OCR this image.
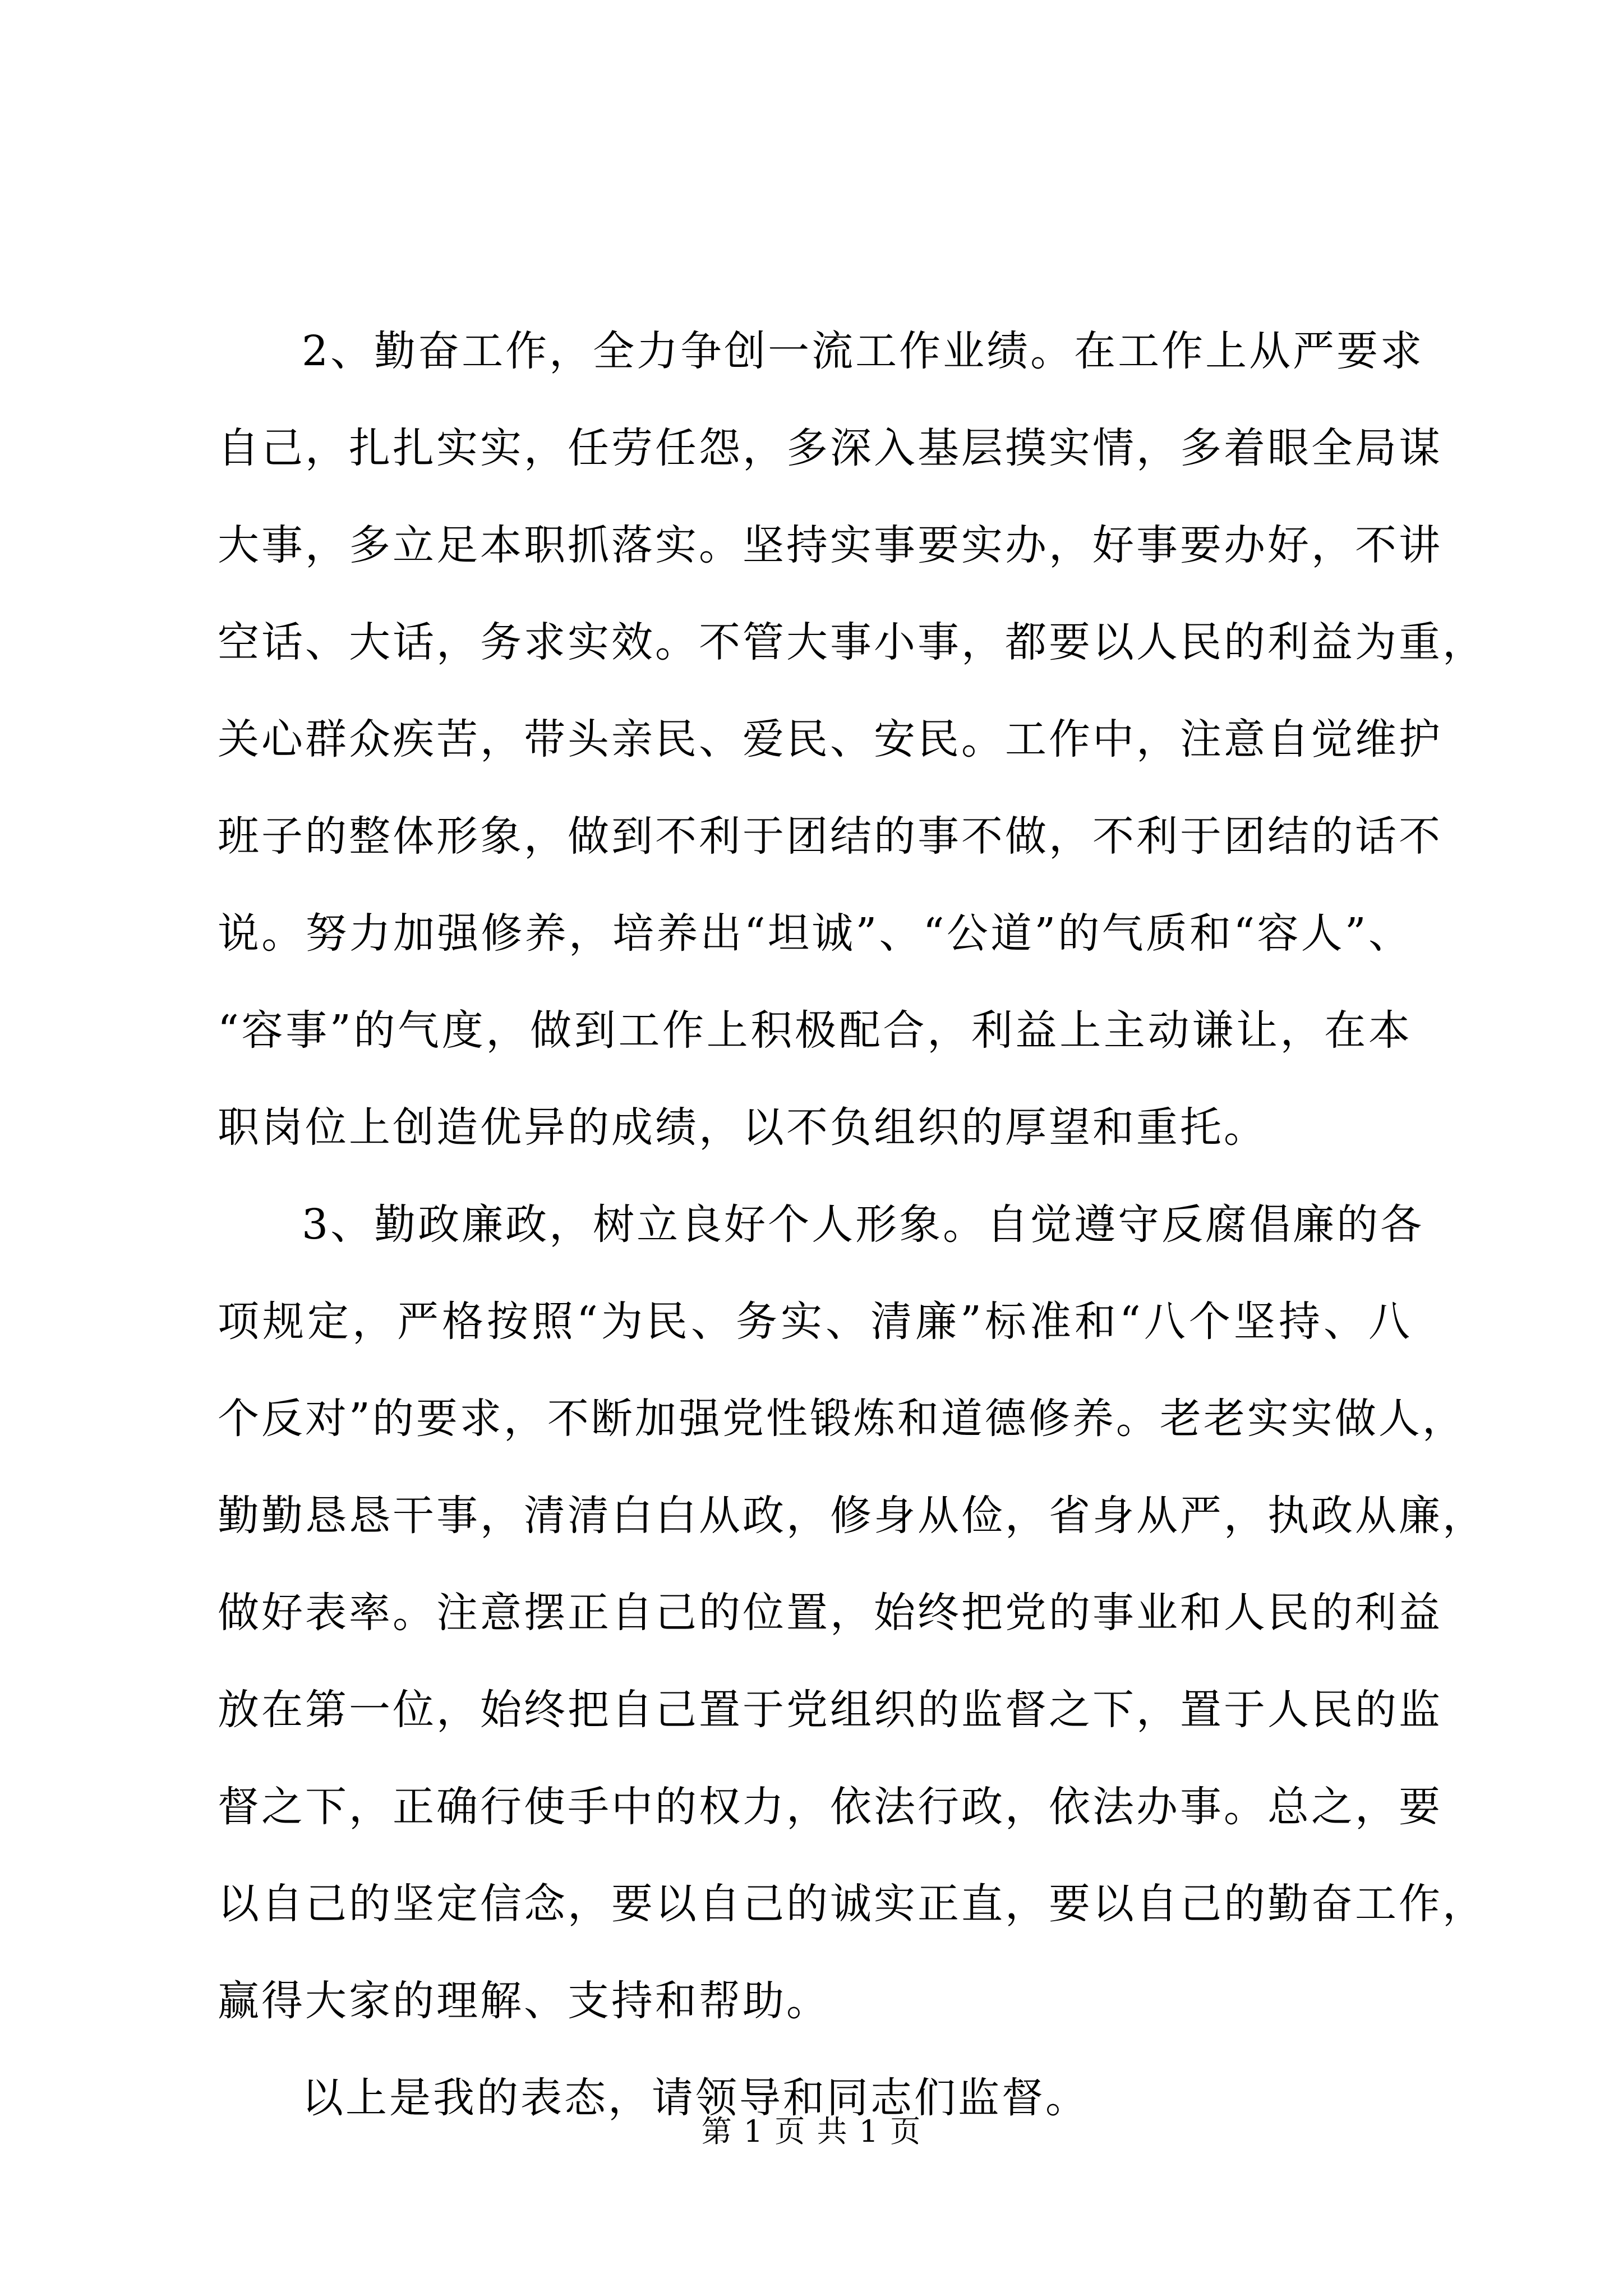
2、勤奋工作，全力争创一流工作业绩。在工作上从严要求
自己，扎扎实实，任劳任怨，多深入基层摸实情，多着眼全局谋
大事，多立足本职抓落实。坚持实事要实办，好事要办好，不讲
空话、大话，务求实效。不管大事小事，都要以人民的利益为重，
关心群众疾苦，带头亲民、爱民、安民。工作中，注意自觉维护
班子的整体形象，做到不利于团结的事不做，不利于团结的话不
说。努力加强修养，培养出“坦诚”、“公道”的气质和“容人”、
“容事”的气度，做到工作上积极配合，利益上主动谦让，在本
职岗位上创造优异的成绩，以不负组织的厚望和重托。
3、勤政廉政，树立良好个人形象。自觉遵守反腐倡廉的各
项规定，严格按照“为民、务实、清廉”标准和“八个坚持、八
个反对”的要求，不断加强党性锻炼和道德修养。老老实实做人，
勤勤恳恳干事，清清白白从政，修身从俭，省身从严，执政从廉，
做好表率。注意摆正自己的位置，始终把党的事业和人民的利益
放在第一位，始终把自己置于党组织的监督之下，置于人民的监
督之下，正确行使手中的权力，依法行政，依法办事。总之，要
以自己的坚定信念，要以自己的诚实正直，要以自己的勤奋工作，
赢得大家的理解、支持和帮助。
以上是我的表态，请领导和同志们监督。
第 1 页 共 1 页
